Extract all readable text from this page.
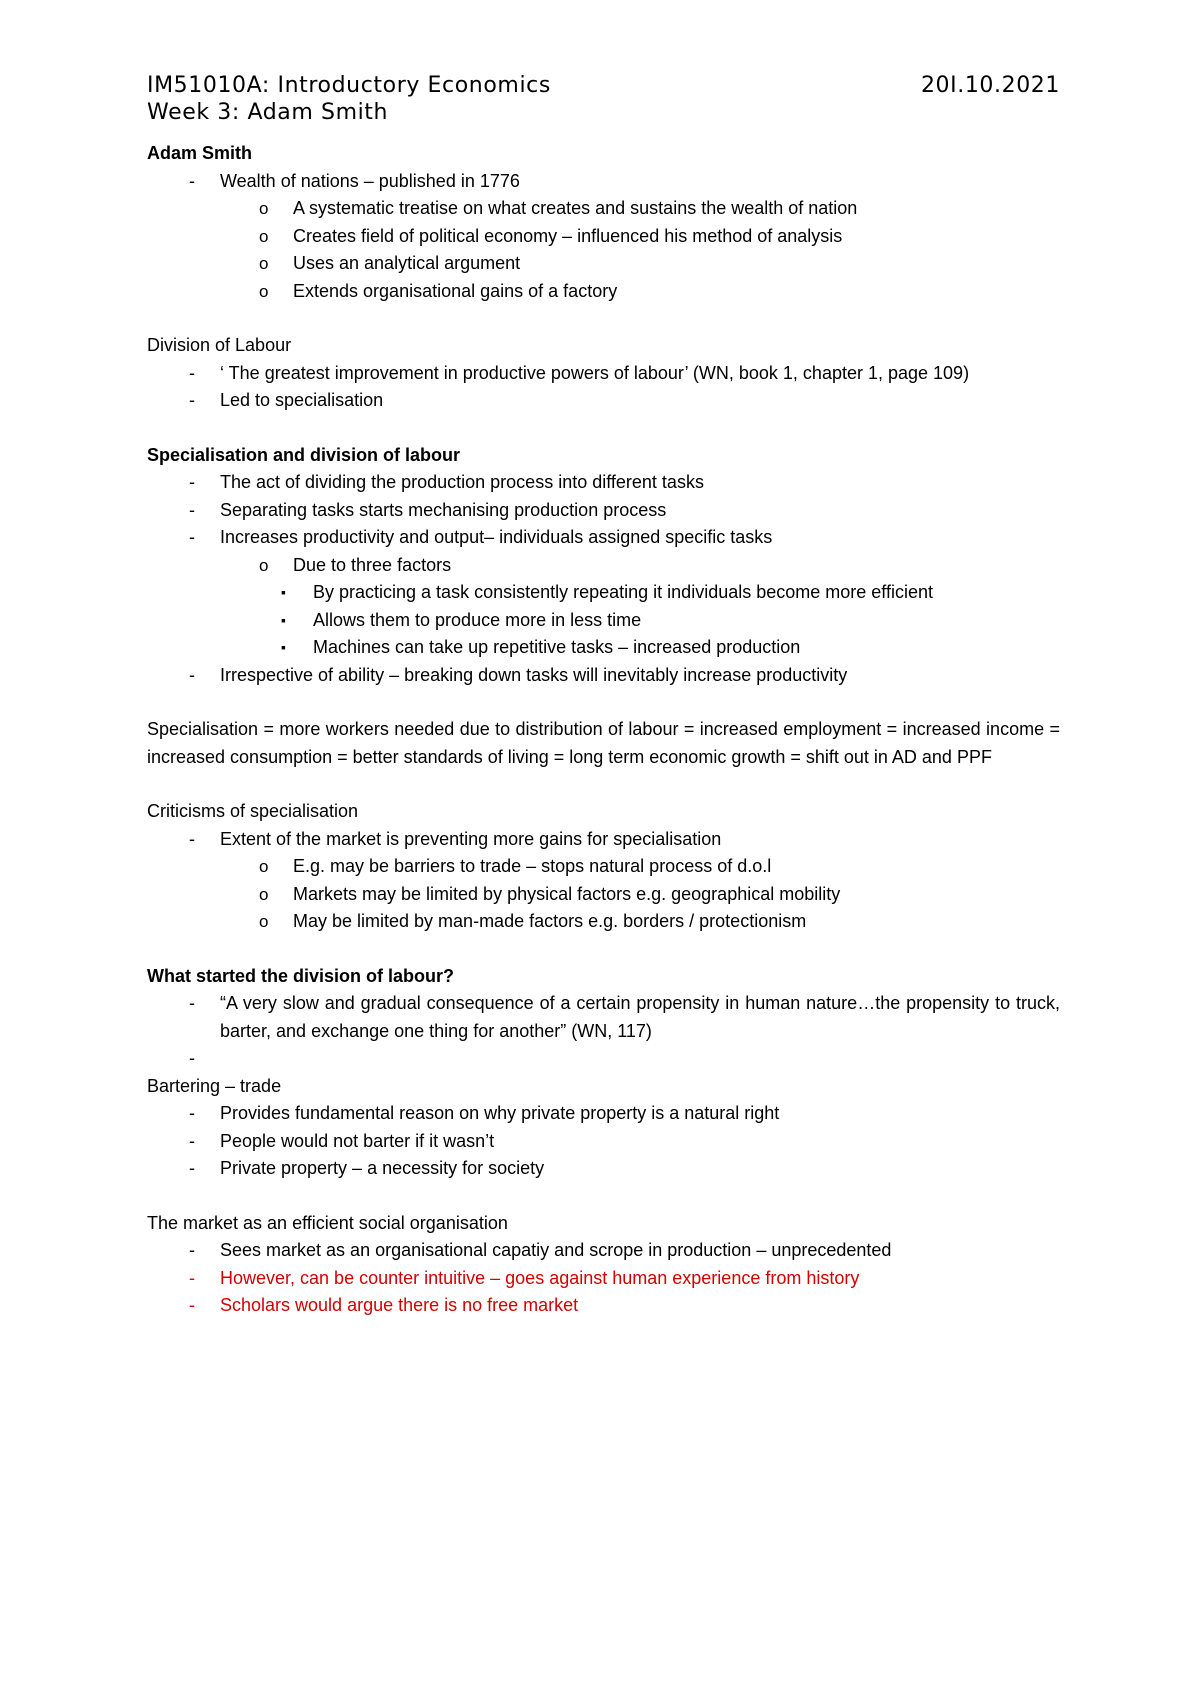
IM51010A: Introductory Economics	20I.10.2021
Week 3: Adam Smith

Adam Smith

- Wealth of nations – published in 1776
o A systematic treatise on what creates and sustains the wealth of nation
o Creates field of political economy – influenced his method of analysis
o Uses an analytical argument
o Extends organisational gains of a factory

Division of Labour

- ‘ The greatest improvement in productive powers of labour’ (WN, book 1, chapter 1, page 109)
- Led to specialisation

Specialisation and division of labour

- The act of dividing the production process into different tasks
- Separating tasks starts mechanising production process
- Increases productivity and output– individuals assigned specific tasks
o Due to three factors
▪ By practicing a task consistently repeating it individuals become more efficient
▪ Allows them to produce more in less time
▪ Machines can take up repetitive tasks – increased production
- Irrespective of ability – breaking down tasks will inevitably increase productivity

Specialisation = more workers needed due to distribution of labour = increased employment = increased income = increased consumption = better standards of living = long term economic growth = shift out in AD and PPF

Criticisms of specialisation

- Extent of the market is preventing more gains for specialisation
o E.g. may be barriers to trade – stops natural process of d.o.l
o Markets may be limited by physical factors e.g. geographical mobility
o May be limited by man-made factors e.g. borders / protectionism

What started the division of labour?

- “A very slow and gradual consequence of a certain propensity in human nature…the propensity to truck, barter, and exchange one thing for another” (WN, 117)
-

Bartering – trade

- Provides fundamental reason on why private property is a natural right
- People would not barter if it wasn’t
- Private property – a necessity for society

The market as an efficient social organisation

- Sees market as an organisational capatiy and scrope in production – unprecedented
- However, can be counter intuitive – goes against human experience from history
- Scholars would argue there is no free market
